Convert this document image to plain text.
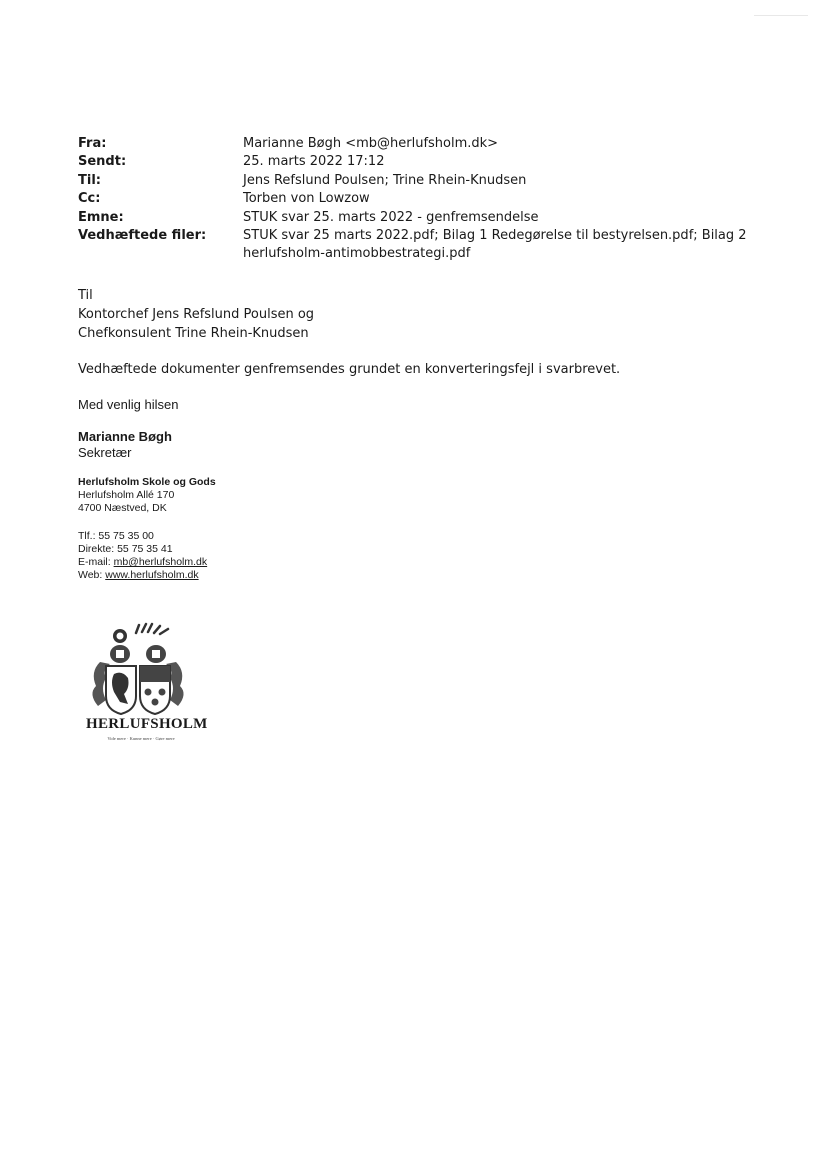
Fra:	Marianne Bøgh <mb@herlufsholm.dk>
Sendt:	25. marts 2022 17:12
Til:	Jens Refslund Poulsen; Trine Rhein-Knudsen
Cc:	Torben von Lowzow
Emne:	STUK svar 25. marts 2022 - genfremsendelse
Vedhæftede filer:	STUK svar 25 marts 2022.pdf; Bilag 1 Redegørelse til bestyrelsen.pdf; Bilag 2 herlufsholm-antimobbestrategi.pdf
Til
Kontorchef Jens Refslund Poulsen og
Chefkonsulent Trine Rhein-Knudsen
Vedhæftede dokumenter genfremsendes grundet en konverteringsfejl i svarbrevet.
Med venlig hilsen
Marianne Bøgh
Sekretær
Herlufsholm Skole og Gods
Herlufsholm Allé 170
4700 Næstved, DK
Tlf.: 55 75 35 00
Direkte: 55 75 35 41
E-mail: mb@herlufsholm.dk
Web: www.herlufsholm.dk
HERLUFSHOLM
Vide mere · Kunne mere · Gøre mere
